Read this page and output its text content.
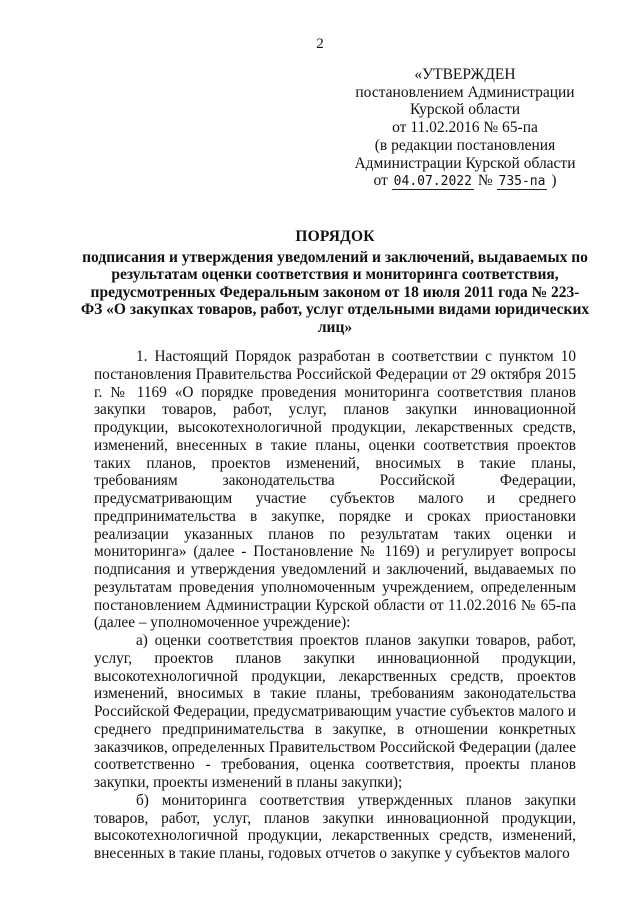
2
«УТВЕРЖДЕН
постановлением Администрации
Курской области
от 11.02.2016 № 65-па
(в редакции постановления
Администрации Курской области
от 04.07.2022 № 735-па )
ПОРЯДОК
подписания и утверждения уведомлений и заключений, выдаваемых по результатам оценки соответствия и мониторинга соответствия, предусмотренных Федеральным законом от 18 июля 2011 года № 223-ФЗ «О закупках товаров, работ, услуг отдельными видами юридических лиц»

1. Настоящий Порядок разработан в соответствии с пунктом 10 постановления Правительства Российской Федерации от 29 октября 2015 г. № 1169 «О порядке проведения мониторинга соответствия планов закупки товаров, работ, услуг, планов закупки инновационной продукции, высокотехнологичной продукции, лекарственных средств, изменений, внесенных в такие планы, оценки соответствия проектов таких планов, проектов изменений, вносимых в такие планы, требованиям законодательства Российской Федерации, предусматривающим участие субъектов малого и среднего предпринимательства в закупке, порядке и сроках приостановки реализации указанных планов по результатам таких оценки и мониторинга» (далее - Постановление № 1169) и регулирует вопросы подписания и утверждения уведомлений и заключений, выдаваемых по результатам проведения уполномоченным учреждением, определенным постановлением Администрации Курской области от 11.02.2016 № 65-па (далее – уполномоченное учреждение):

а) оценки соответствия проектов планов закупки товаров, работ, услуг, проектов планов закупки инновационной продукции, высокотехнологичной продукции, лекарственных средств, проектов изменений, вносимых в такие планы, требованиям законодательства Российской Федерации, предусматривающим участие субъектов малого и среднего предпринимательства в закупке, в отношении конкретных заказчиков, определенных Правительством Российской Федерации (далее соответственно - требования, оценка соответствия, проекты планов закупки, проекты изменений в планы закупки);

б) мониторинга соответствия утвержденных планов закупки товаров, работ, услуг, планов закупки инновационной продукции, высокотехнологичной продукции, лекарственных средств, изменений, внесенных в такие планы, годовых отчетов о закупке у субъектов малого
